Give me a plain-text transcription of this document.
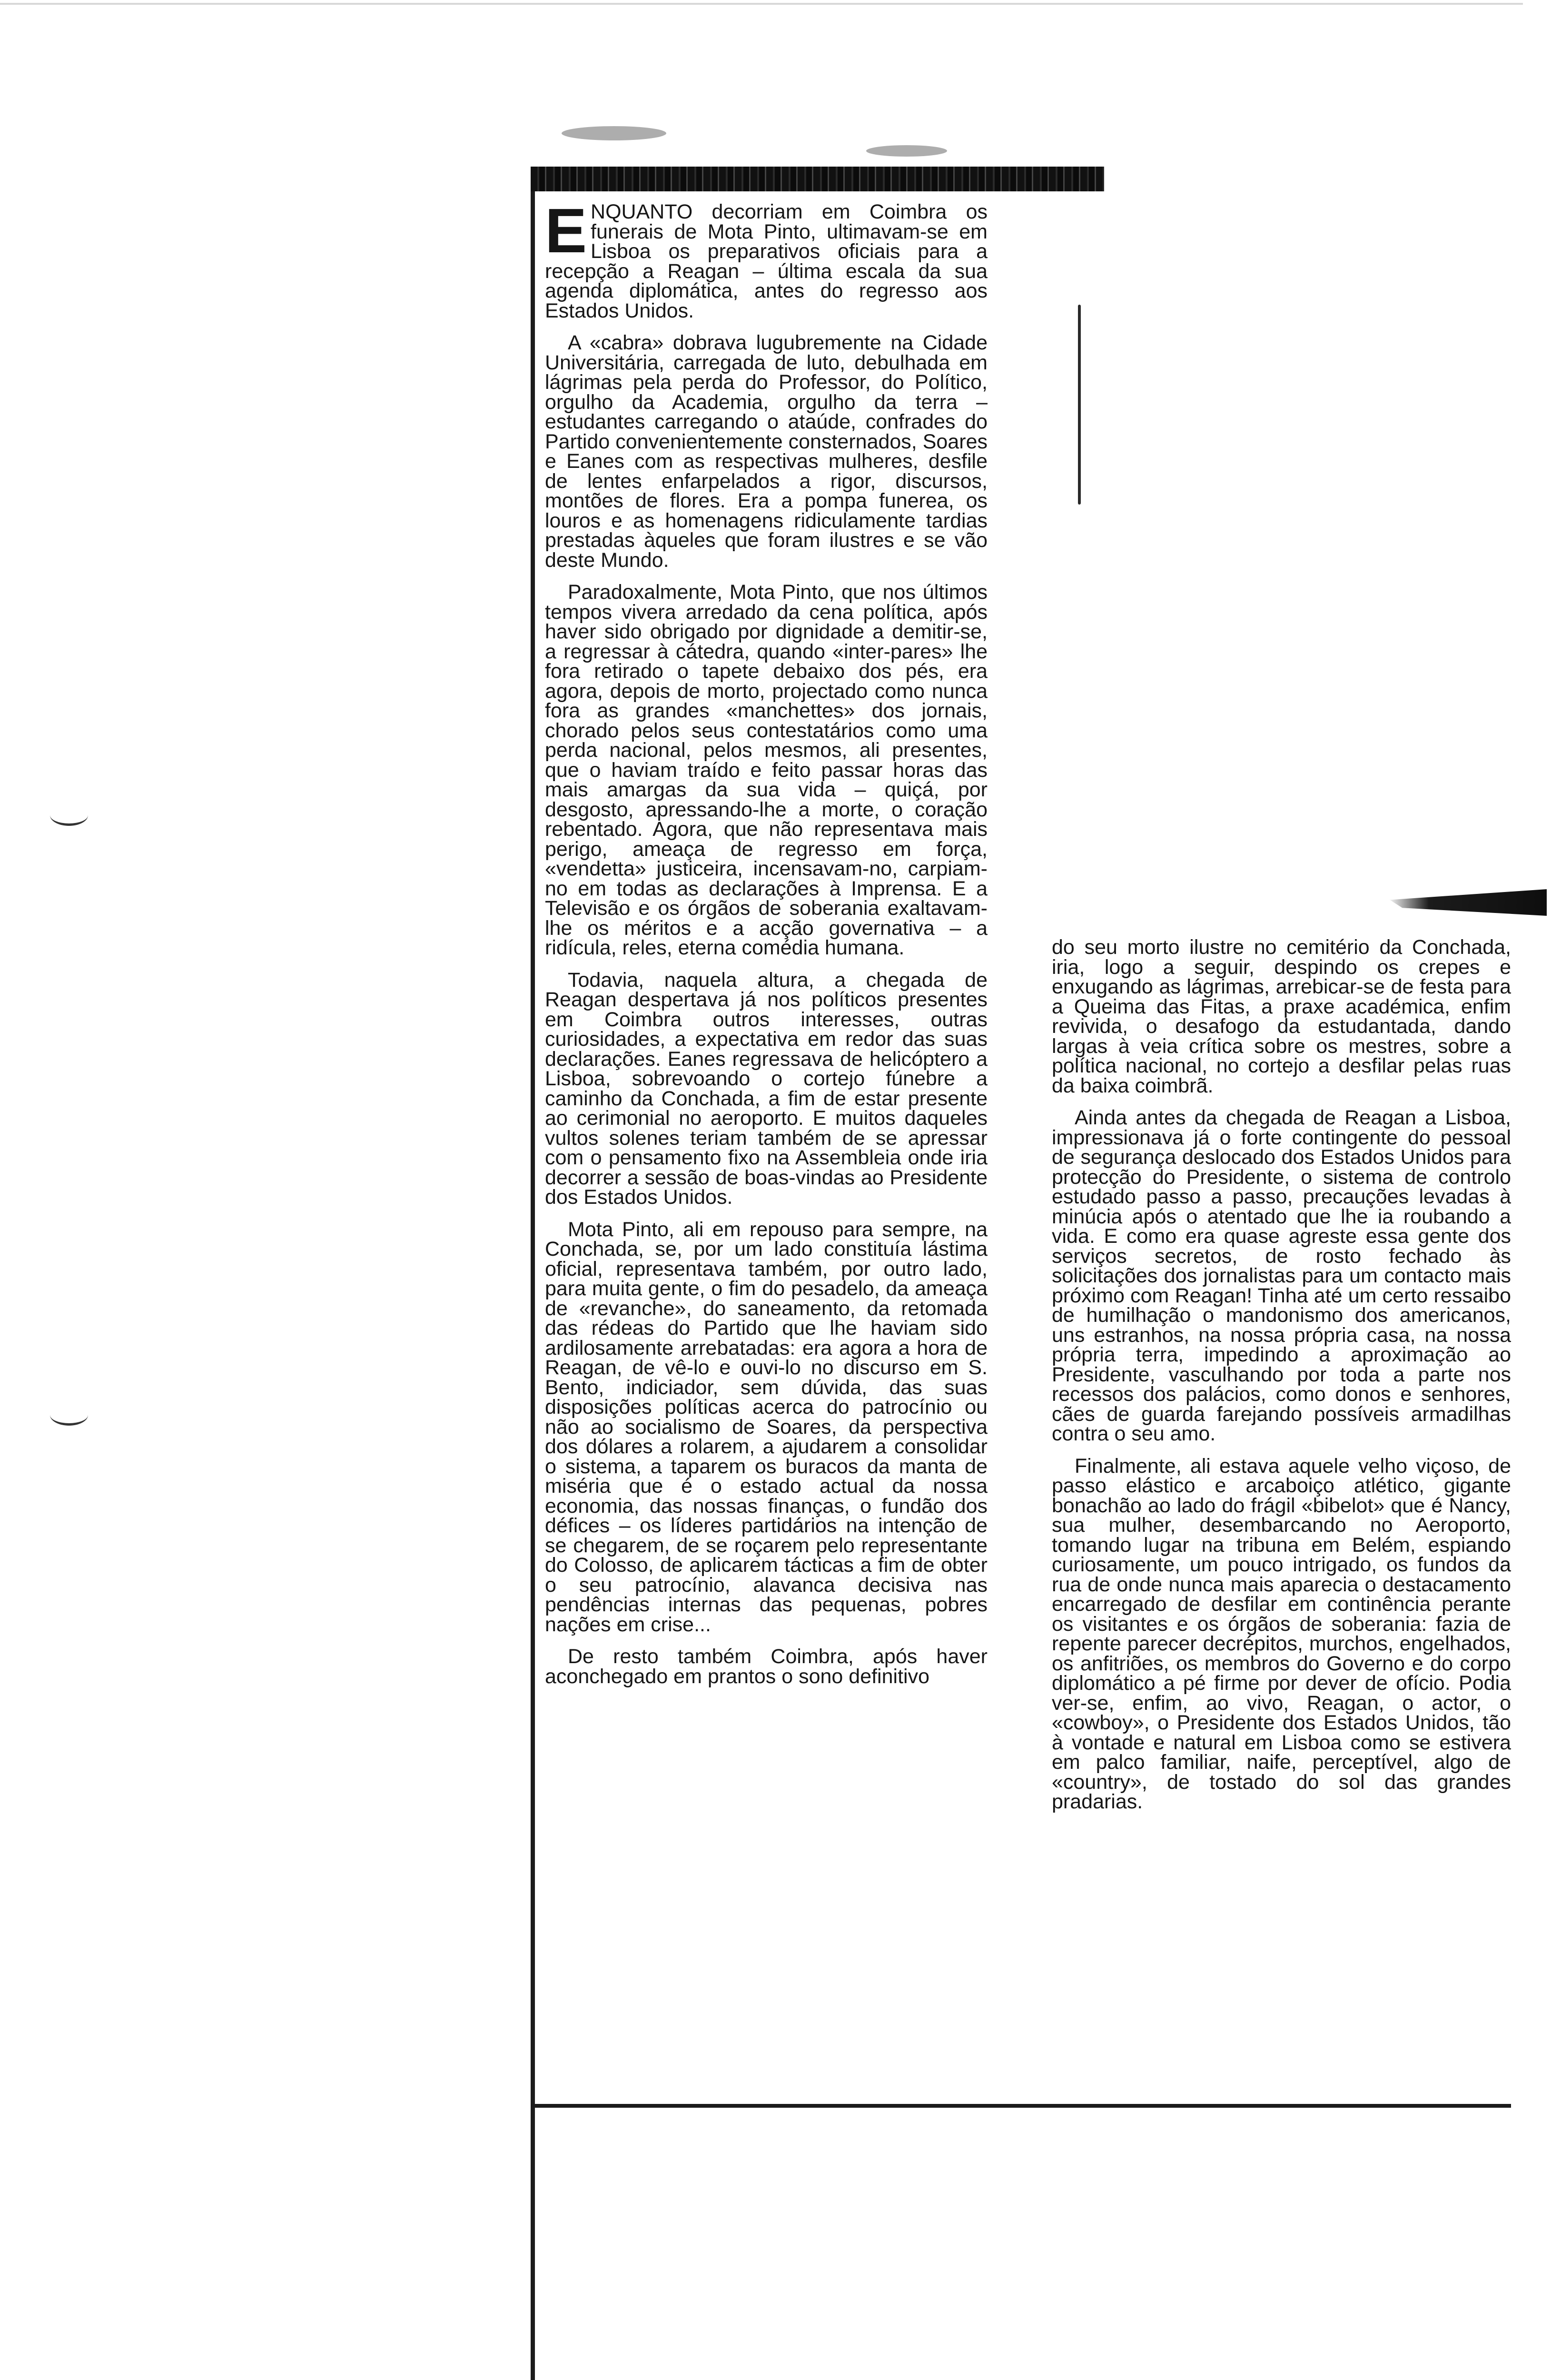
ENQUANTO decorriam em Coimbra os funerais de Mota Pinto, ultimavam-se em Lisboa os preparativos oficiais para a recepção a Reagan – última escala da sua agenda diplomática, antes do regresso aos Estados Unidos.

A «cabra» dobrava lugubremente na Cidade Universitária, carregada de luto, debulhada em lágrimas pela perda do Professor, do Político, orgulho da Academia, orgulho da terra – estudantes carregando o ataúde, confrades do Partido convenientemente consternados, Soares e Eanes com as respectivas mulheres, desfile de lentes enfarpelados a rigor, discursos, montões de flores. Era a pompa funerea, os louros e as homenagens ridiculamente tardias prestadas àqueles que foram ilustres e se vão deste Mundo.

Paradoxalmente, Mota Pinto, que nos últimos tempos vivera arredado da cena política, após haver sido obrigado por dignidade a demitir-se, a regressar à cátedra, quando «inter-pares» lhe fora retirado o tapete debaixo dos pés, era agora, depois de morto, projectado como nunca fora as grandes «manchettes» dos jornais, chorado pelos seus contestatários como uma perda nacional, pelos mesmos, ali presentes, que o haviam traído e feito passar horas das mais amargas da sua vida – quiçá, por desgosto, apressando-lhe a morte, o coração rebentado. Agora, que não representava mais perigo, ameaça de regresso em força, «vendetta» justiceira, incensavam-no, carpiam-no em todas as declarações à Imprensa. E a Televisão e os órgãos de soberania exaltavam-lhe os méritos e a acção governativa – a ridícula, reles, eterna comédia humana.

Todavia, naquela altura, a chegada de Reagan despertava já nos políticos presentes em Coimbra outros interesses, outras curiosidades, a expectativa em redor das suas declarações. Eanes regressava de helicóptero a Lisboa, sobrevoando o cortejo fúnebre a caminho da Conchada, a fim de estar presente ao cerimonial no aeroporto. E muitos daqueles vultos solenes teriam também de se apressar com o pensamento fixo na Assembleia onde iria decorrer a sessão de boas-vindas ao Presidente dos Estados Unidos.

Mota Pinto, ali em repouso para sempre, na Conchada, se, por um lado constituía lástima oficial, representava também, por outro lado, para muita gente, o fim do pesadelo, da ameaça de «revanche», do saneamento, da retomada das rédeas do Partido que lhe haviam sido ardilosamente arrebatadas: era agora a hora de Reagan, de vê-lo e ouvi-lo no discurso em S. Bento, indiciador, sem dúvida, das suas disposições políticas acerca do patrocínio ou não ao socialismo de Soares, da perspectiva dos dólares a rolarem, a ajudarem a consolidar o sistema, a taparem os buracos da manta de miséria que é o estado actual da nossa economia, das nossas finanças, o fundão dos défices – os líderes partidários na intenção de se chegarem, de se roçarem pelo representante do Colosso, de aplicarem tácticas a fim de obter o seu patrocínio, alavanca decisiva nas pendências internas das pequenas, pobres nações em crise...

De resto também Coimbra, após haver aconchegado em prantos o sono definitivo

do seu morto ilustre no cemitério da Conchada, iria, logo a seguir, despindo os crepes e enxugando as lágrimas, arrebicar-se de festa para a Queima das Fitas, a praxe académica, enfim revivida, o desafogo da estudantada, dando largas à veia crítica sobre os mestres, sobre a política nacional, no cortejo a desfilar pelas ruas da baixa coimbrã.

Ainda antes da chegada de Reagan a Lisboa, impressionava já o forte contingente do pessoal de segurança deslocado dos Estados Unidos para protecção do Presidente, o sistema de controlo estudado passo a passo, precauções levadas à minúcia após o atentado que lhe ia roubando a vida. E como era quase agreste essa gente dos serviços secretos, de rosto fechado às solicitações dos jornalistas para um contacto mais próximo com Reagan! Tinha até um certo ressaibo de humilhação o mandonismo dos americanos, uns estranhos, na nossa própria casa, na nossa própria terra, impedindo a aproximação ao Presidente, vasculhando por toda a parte nos recessos dos palácios, como donos e senhores, cães de guarda farejando possíveis armadilhas contra o seu amo.

Finalmente, ali estava aquele velho viçoso, de passo elástico e arcaboiço atlético, gigante bonachão ao lado do frágil «bibelot» que é Nancy, sua mulher, desembarcando no Aeroporto, tomando lugar na tribuna em Belém, espiando curiosamente, um pouco intrigado, os fundos da rua de onde nunca mais aparecia o destacamento encarregado de desfilar em continência perante os visitantes e os órgãos de soberania: fazia de repente parecer decrépitos, murchos, engelhados, os anfitriões, os membros do Governo e do corpo diplomático a pé firme por dever de ofício. Podia ver-se, enfim, ao vivo, Reagan, o actor, o «cowboy», o Presidente dos Estados Unidos, tão à vontade e natural em Lisboa como se estivera em palco familiar, naife, perceptível, algo de «country», de tostado do sol das grandes pradarias.
